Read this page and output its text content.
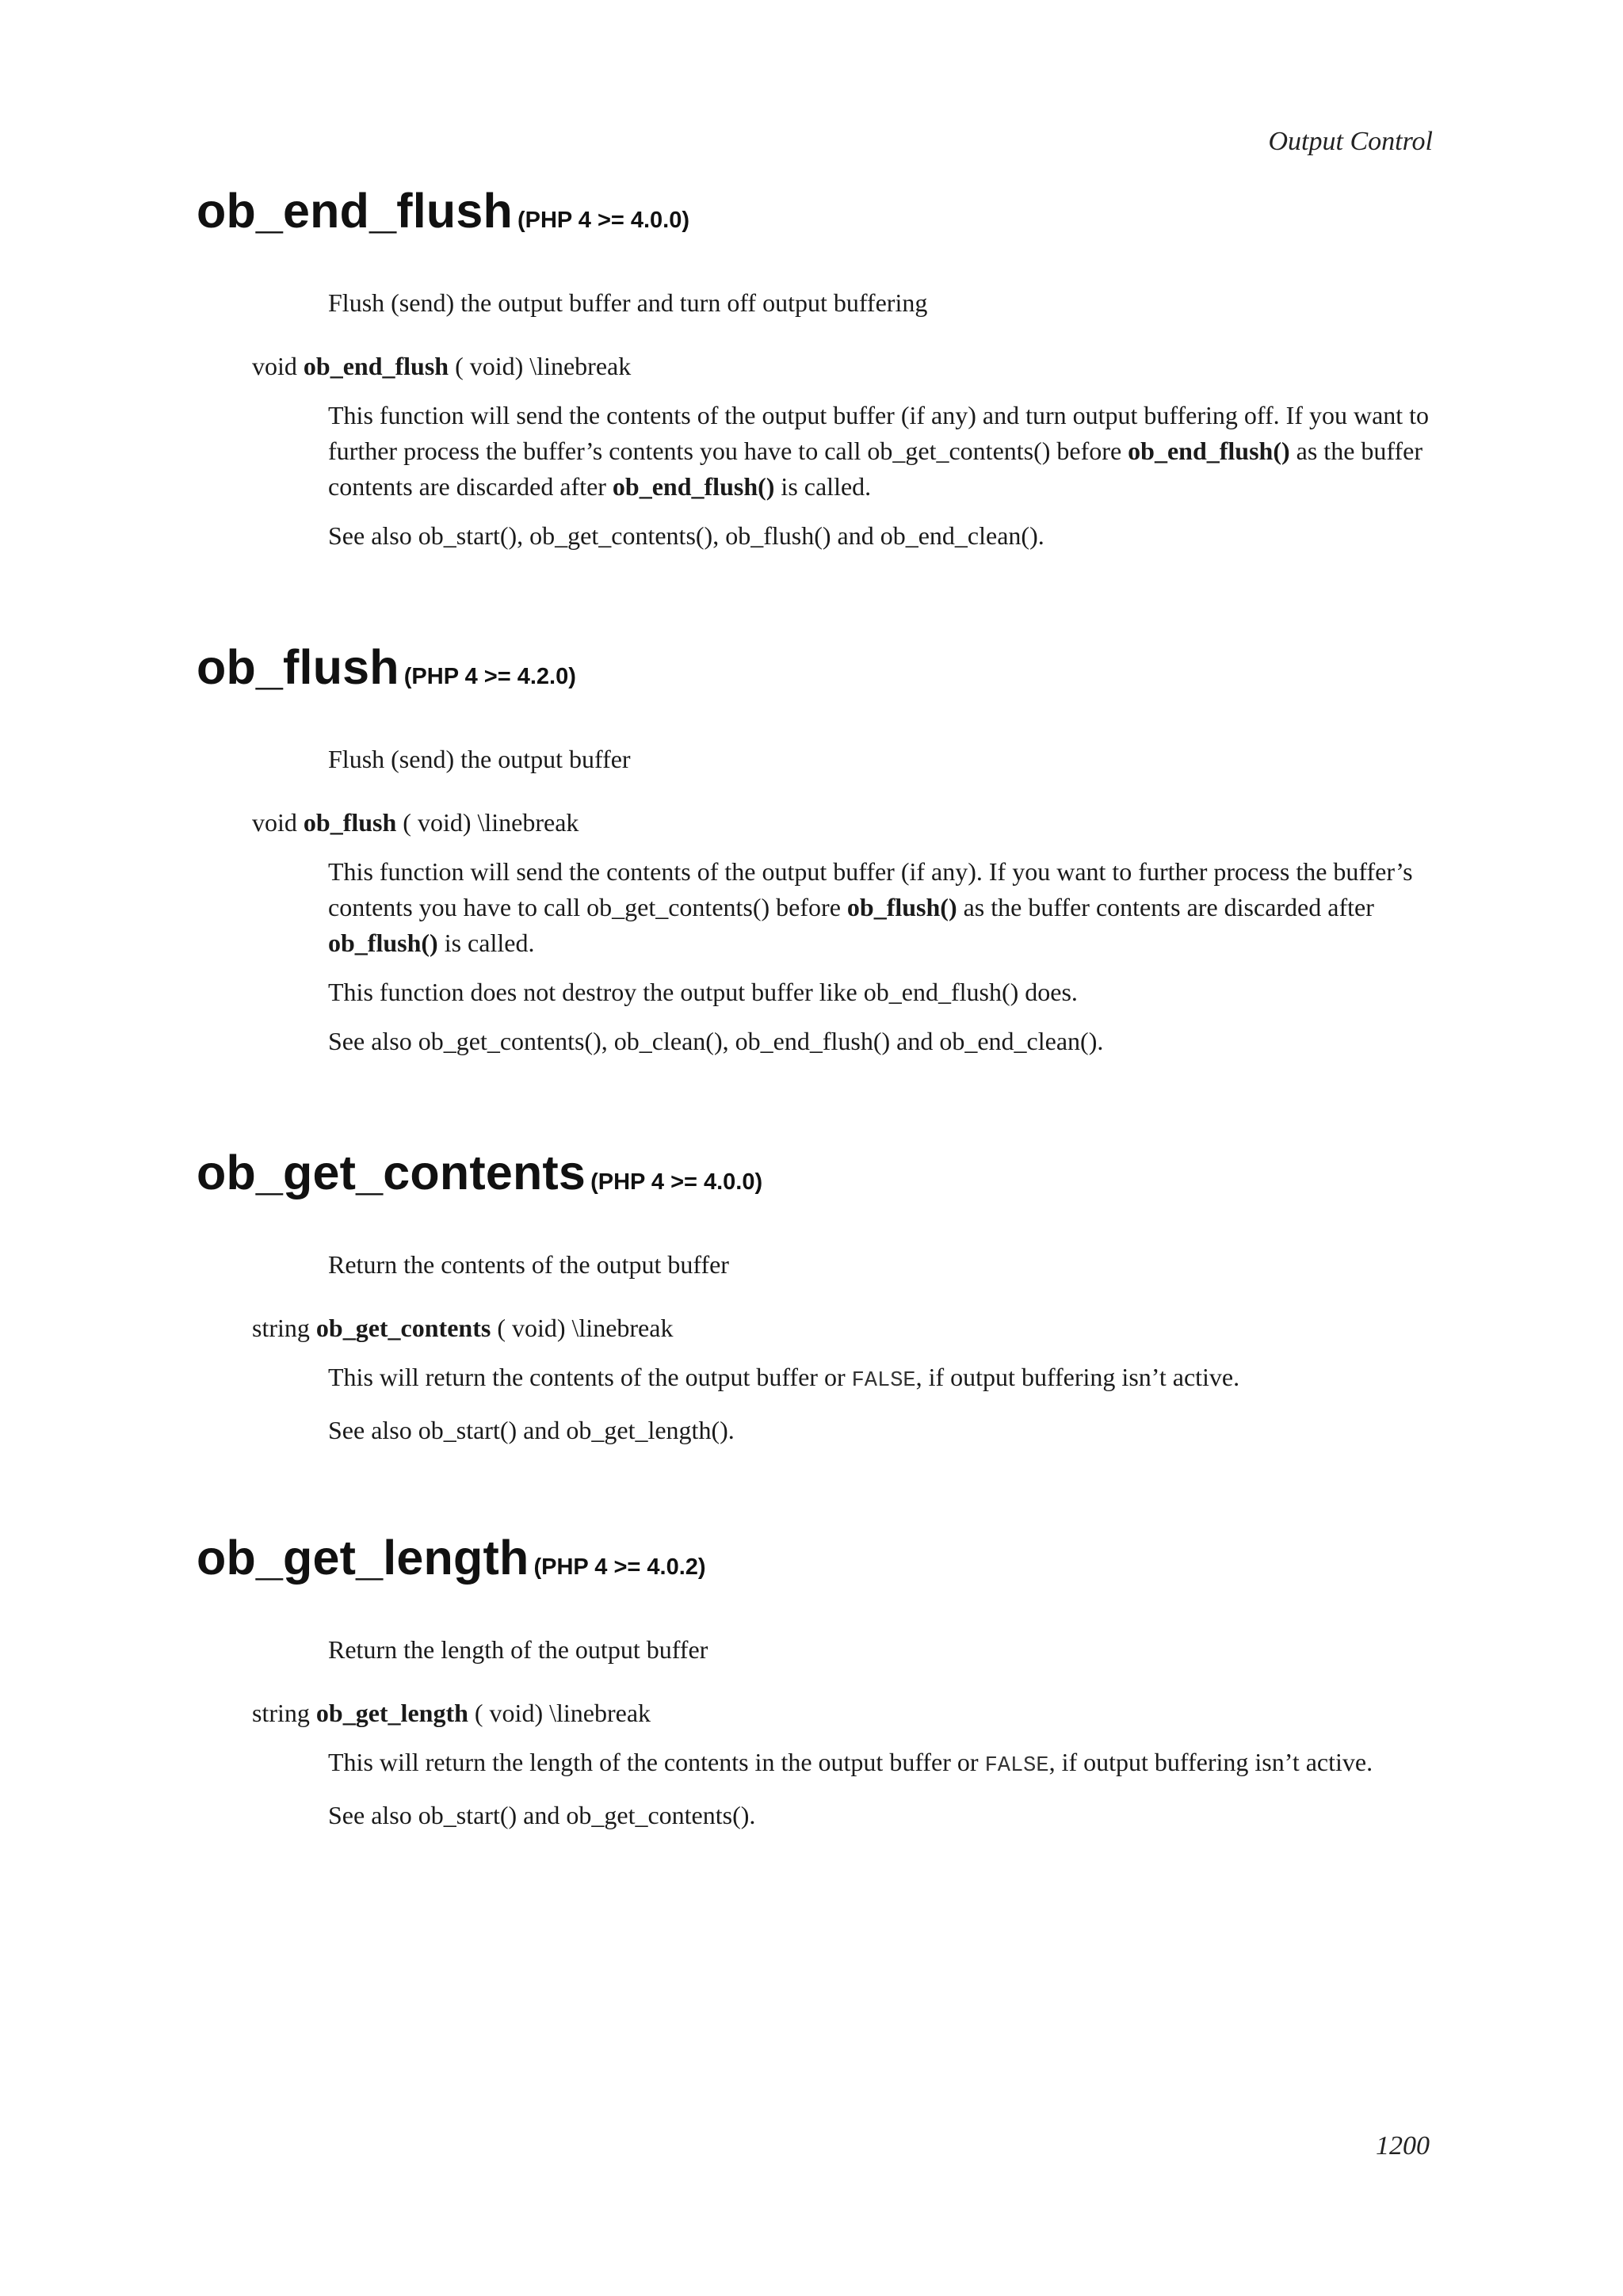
Output Control
ob_end_flush (PHP 4 >= 4.0.0)

Flush (send) the output buffer and turn off output buffering

void ob_end_flush ( void) \linebreak

This function will send the contents of the output buffer (if any) and turn output buffering off. If you want to further process the buffer’s contents you have to call ob_get_contents() before ob_end_flush() as the buffer contents are discarded after ob_end_flush() is called.

See also ob_start(), ob_get_contents(), ob_flush() and ob_end_clean().

ob_flush (PHP 4 >= 4.2.0)

Flush (send) the output buffer

void ob_flush ( void) \linebreak

This function will send the contents of the output buffer (if any). If you want to further process the buffer’s contents you have to call ob_get_contents() before ob_flush() as the buffer contents are discarded after ob_flush() is called.

This function does not destroy the output buffer like ob_end_flush() does.

See also ob_get_contents(), ob_clean(), ob_end_flush() and ob_end_clean().

ob_get_contents (PHP 4 >= 4.0.0)

Return the contents of the output buffer

string ob_get_contents ( void) \linebreak

This will return the contents of the output buffer or FALSE, if output buffering isn’t active.

See also ob_start() and ob_get_length().

ob_get_length (PHP 4 >= 4.0.2)

Return the length of the output buffer

string ob_get_length ( void) \linebreak

This will return the length of the contents in the output buffer or FALSE, if output buffering isn’t active.

See also ob_start() and ob_get_contents().

1200
